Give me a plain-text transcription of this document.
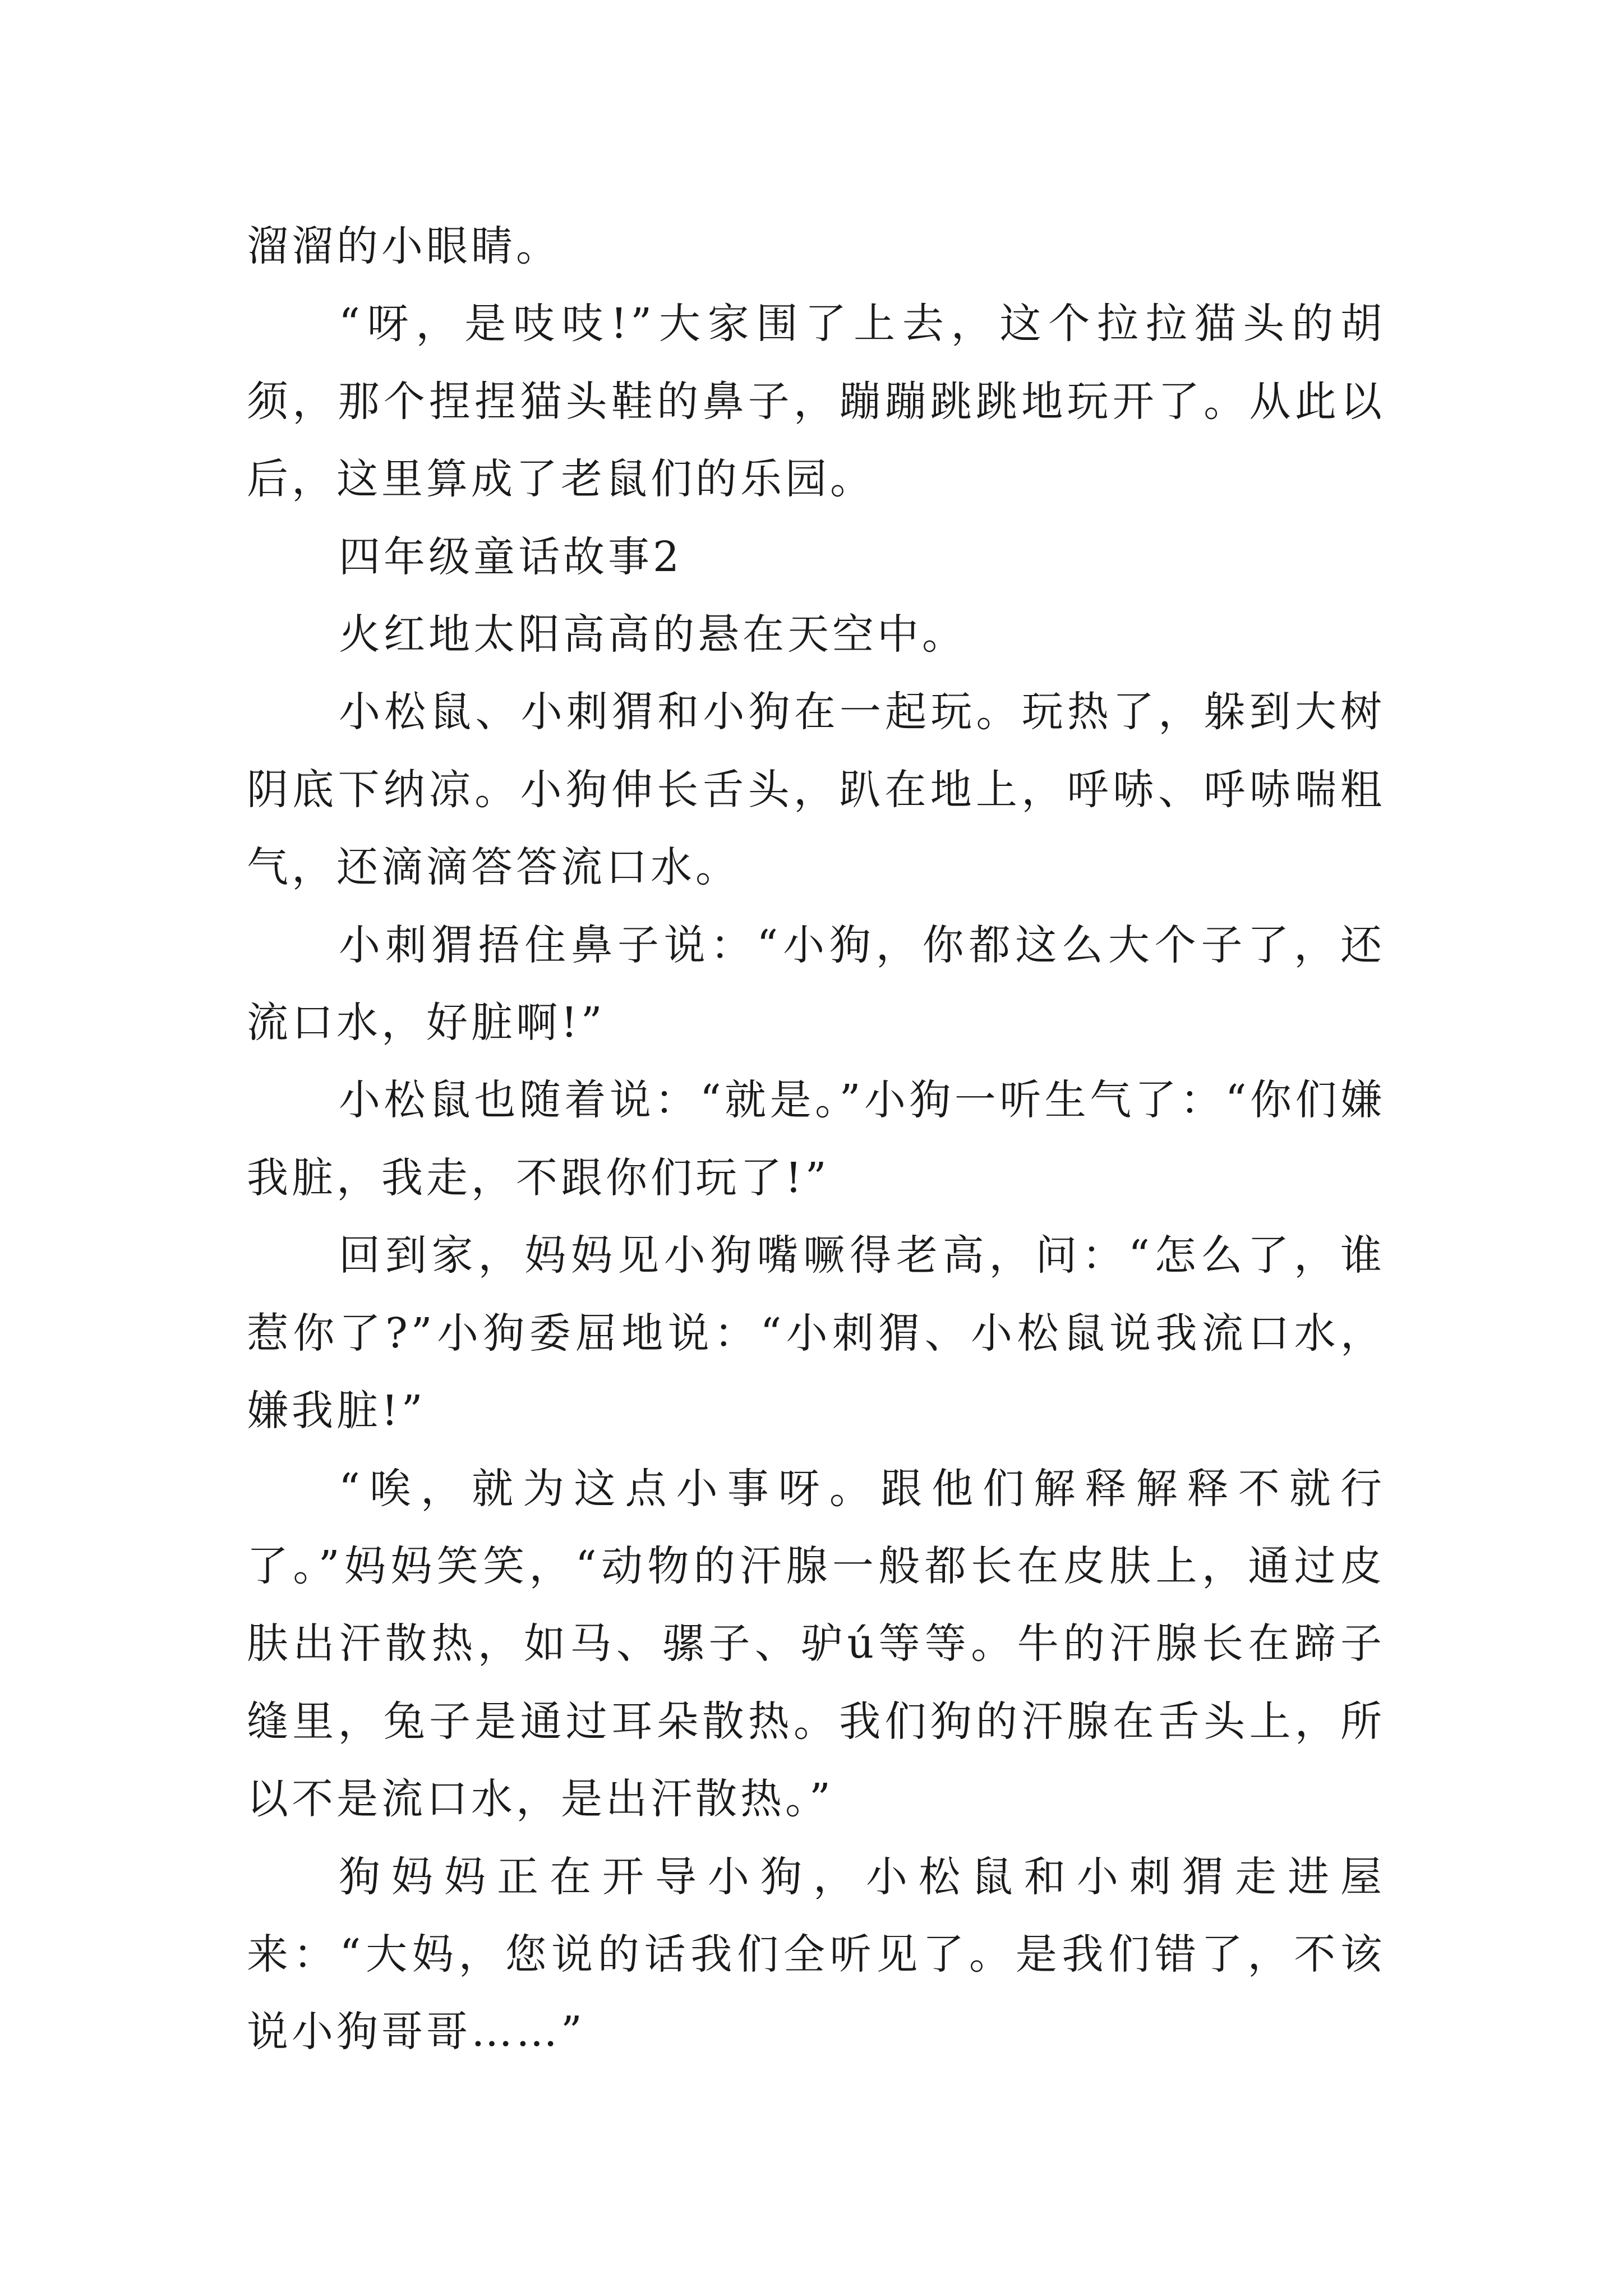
溜溜的小眼睛。

“呀，是吱吱!”大家围了上去，这个拉拉猫头的胡须，那个捏捏猫头鞋的鼻子，蹦蹦跳跳地玩开了。从此以后，这里算成了老鼠们的乐园。

四年级童话故事2

火红地太阳高高的悬在天空中。

小松鼠、小刺猬和小狗在一起玩。玩热了，躲到大树阴底下纳凉。小狗伸长舌头，趴在地上，呼哧、呼哧喘粗气，还滴滴答答流口水。

小刺猬捂住鼻子说：“小狗，你都这么大个子了，还流口水，好脏啊!”

小松鼠也随着说：“就是。”小狗一听生气了：“你们嫌我脏，我走，不跟你们玩了!”

回到家，妈妈见小狗嘴噘得老高，问：“怎么了，谁惹你了?”小狗委屈地说：“小刺猬、小松鼠说我流口水，嫌我脏!”

“唉，就为这点小事呀。跟他们解释解释不就行了。”妈妈笑笑，“动物的汗腺一般都长在皮肤上，通过皮肤出汗散热，如马、骡子、驴ú等等。牛的汗腺长在蹄子缝里，兔子是通过耳朵散热。我们狗的汗腺在舌头上，所以不是流口水，是出汗散热。”

狗妈妈正在开导小狗，小松鼠和小刺猬走进屋来：“大妈，您说的话我们全听见了。是我们错了，不该说小狗哥哥……”
